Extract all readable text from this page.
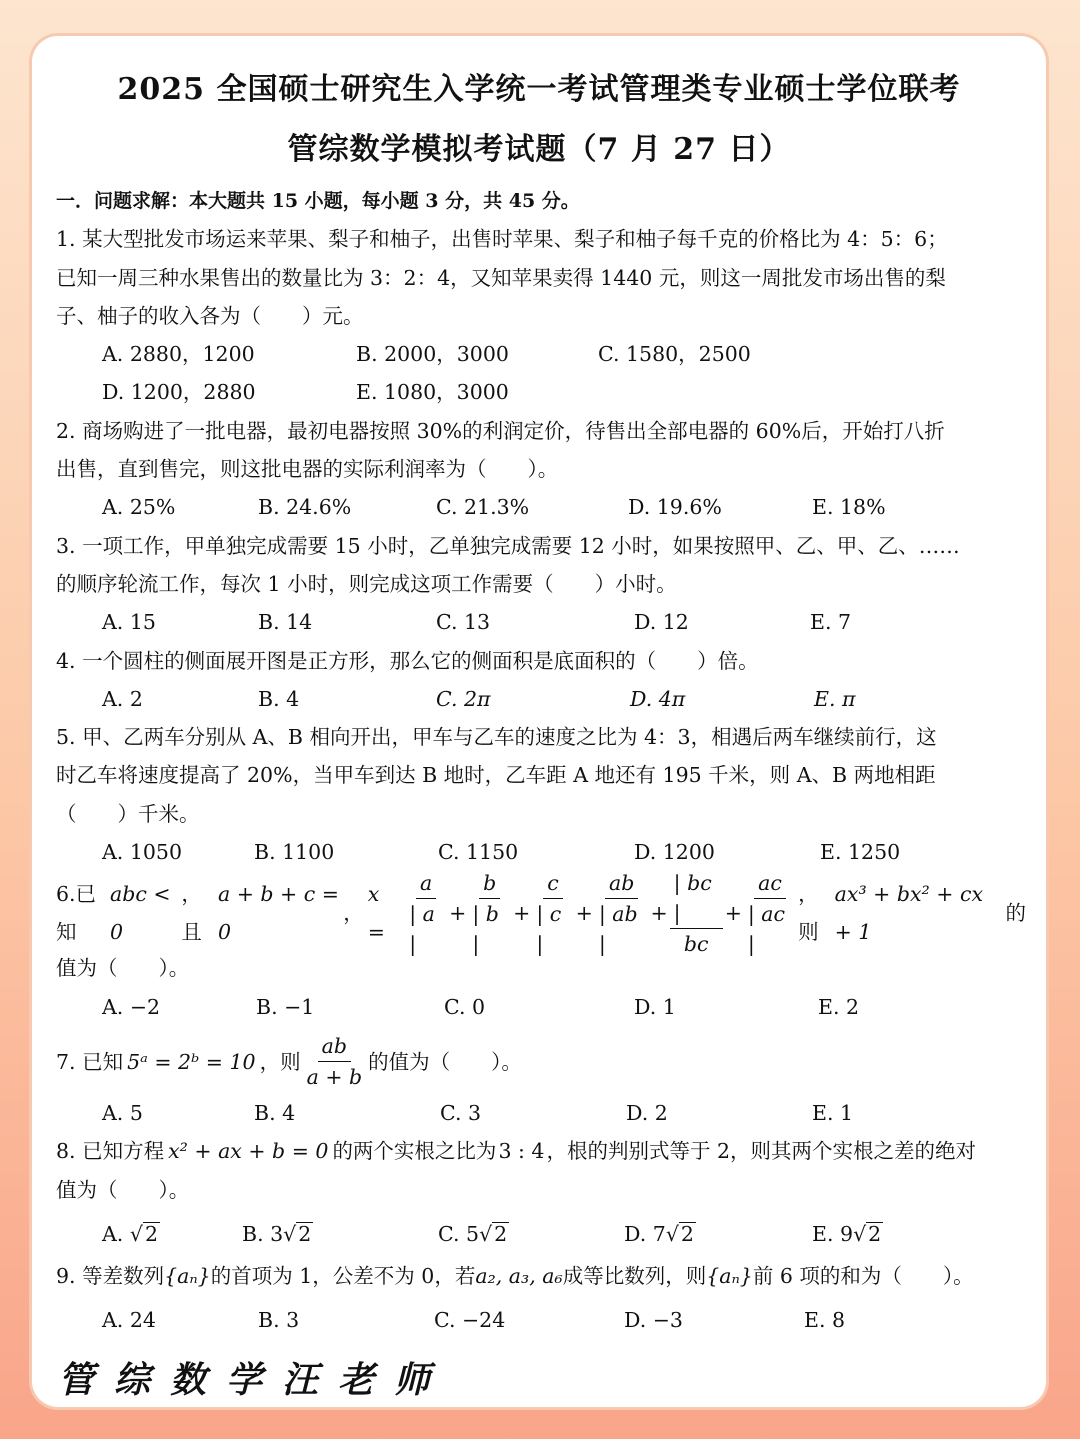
2025 全国硕士研究生入学统一考试管理类专业硕士学位联考
管综数学模拟考试题（7 月 27 日）
一．问题求解：本大题共 15 小题，每小题 3 分，共 45 分。
1. 某大型批发市场运来苹果、梨子和柚子，出售时苹果、梨子和柚子每千克的价格比为 4：5：6；
已知一周三种水果售出的数量比为 3：2：4，又知苹果卖得 1440 元，则这一周批发市场出售的梨
子、柚子的收入各为（　　）元。
A. 2880，1200	B. 2000，3000	C. 1580，2500
D. 1200，2880	E. 1080，3000
2. 商场购进了一批电器，最初电器按照 30%的利润定价，待售出全部电器的 60%后，开始打八折
出售，直到售完，则这批电器的实际利润率为（　　）。
A. 25%	B. 24.6%	C. 21.3%	D. 19.6%	E. 18%
3. 一项工作，甲单独完成需要 15 小时，乙单独完成需要 12 小时，如果按照甲、乙、甲、乙、……
的顺序轮流工作，每次 1 小时，则完成这项工作需要（　　）小时。
A. 15	B. 14	C. 13	D. 12	E. 7
4. 一个圆柱的侧面展开图是正方形，那么它的侧面积是底面积的（　　）倍。
A. 2	B. 4	C. 2π	D. 4π	E. π
5. 甲、乙两车分别从 A、B 相向开出，甲车与乙车的速度之比为 4：3，相遇后两车继续前行，这
时乙车将速度提高了 20%，当甲车到达 B 地时，乙车距 A 地还有 195 千米，则 A、B 两地相距
（　　）千米。
A. 1050	B. 1100	C. 1150	D. 1200	E. 1250
6.已知
abc < 0
，且
a + b + c = 0
，
$x = \frac{a}{| a |} + \frac{b}{| b |} + \frac{c}{| c |} + \frac{ab}{| ab |} + \frac{| bc |}{bc} + \frac{ac}{| ac |}$ ，则
ax³ + bx² + cx + 1
的
值为（　　）。
A. −2	B. −1	C. 0	D. 1	E. 2
7. 已知 5ᵃ = 2ᵇ = 10 ，则 $\frac{ab}{a + b}$ 的值为（　　）。
A. 5	B. 4	C. 3	D. 2	E. 1
8. 已知方程 x² + ax + b = 0 的两个实根之比为3 : 4，根的判别式等于 2，则其两个实根之差的绝对
值为（　　）。
A. √2	B. 3√2	C. 5√2	D. 7√2	E. 9√2
9. 等差数列{aₙ}的首项为 1，公差不为 0，若a₂, a₃, a₆成等比数列，则{aₙ}前 6 项的和为（　　）。
A. 24	B. 3	C. −24	D. −3	E. 8
管综数学汪老师
